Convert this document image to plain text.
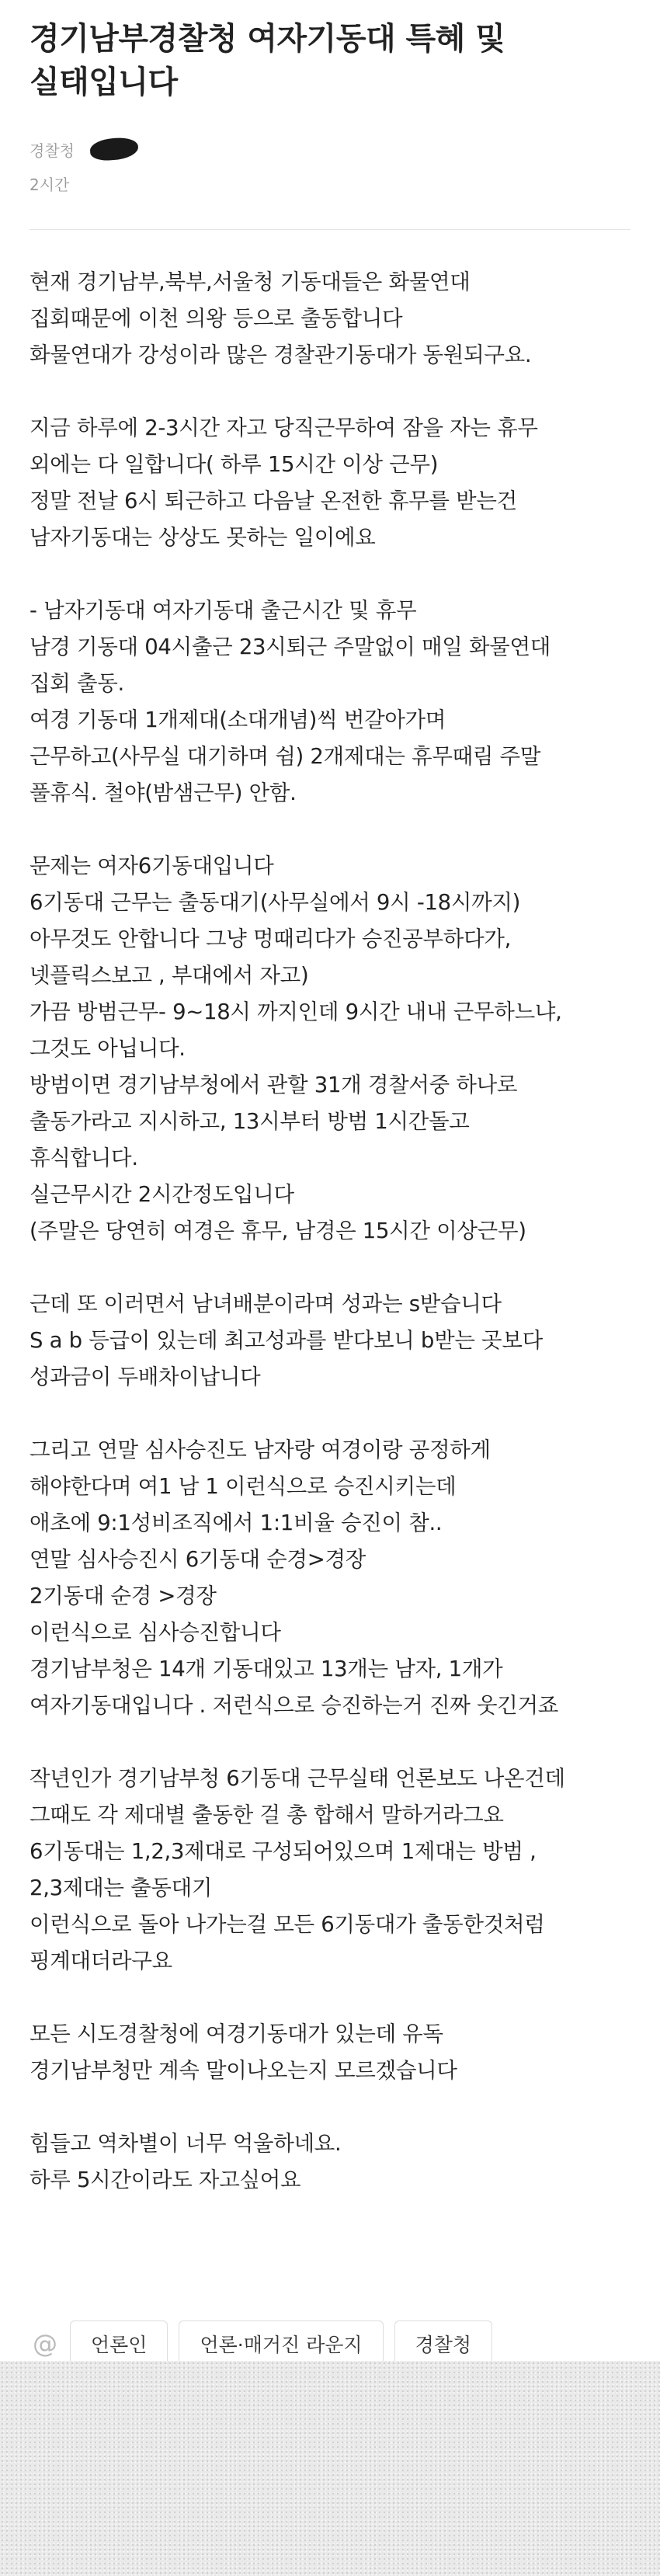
경기남부경찰청 여자기동대 특혜 및
실태입니다
경찰청
2시간

현재 경기남부,북부,서울청 기동대들은 화물연대

집회때문에 이천 의왕 등으로 출동합니다

화물연대가 강성이라 많은 경찰관기동대가 동원되구요.

지금 하루에 2-3시간 자고 당직근무하여 잠을 자는 휴무

외에는 다 일합니다( 하루 15시간 이상 근무)

정말 전날 6시 퇴근하고 다음날 온전한 휴무를 받는건

남자기동대는 상상도 못하는 일이에요

- 남자기동대 여자기동대 출근시간 및 휴무

남경 기동대 04시출근 23시퇴근 주말없이 매일 화물연대

집회 출동.

여경 기동대 1개제대(소대개념)씩 번갈아가며

근무하고(사무실 대기하며 쉼) 2개제대는 휴무때림 주말

풀휴식. 철야(밤샘근무) 안함.

문제는 여자6기동대입니다

6기동대 근무는 출동대기(사무실에서 9시 -18시까지)

아무것도 안합니다 그냥 멍때리다가 승진공부하다가,

넷플릭스보고 , 부대에서 자고)

가끔 방범근무- 9~18시 까지인데 9시간 내내 근무하느냐,

그것도 아닙니다.

방범이면 경기남부청에서 관할 31개 경찰서중 하나로

출동가라고 지시하고, 13시부터 방범 1시간돌고

휴식합니다.

실근무시간 2시간정도입니다

(주말은 당연히 여경은 휴무, 남경은 15시간 이상근무)

근데 또 이러면서 남녀배분이라며 성과는 s받습니다

S a b 등급이 있는데 최고성과를 받다보니 b받는 곳보다

성과금이 두배차이납니다

그리고 연말 심사승진도 남자랑 여경이랑 공정하게

해야한다며 여1 남 1 이런식으로 승진시키는데

애초에 9:1성비조직에서 1:1비율 승진이 참..

연말 심사승진시 6기동대 순경>경장

2기동대 순경 >경장

이런식으로 심사승진합니다

경기남부청은 14개 기동대있고 13개는 남자, 1개가

여자기동대입니다 . 저런식으로 승진하는거 진짜 웃긴거죠

작년인가 경기남부청 6기동대 근무실태 언론보도 나온건데

그때도 각 제대별 출동한 걸 총 합해서 말하거라그요

6기동대는 1,2,3제대로 구성되어있으며 1제대는 방범 ,

2,3제대는 출동대기

이런식으로 돌아 나가는걸 모든 6기동대가 출동한것처럼

핑계대더라구요

모든 시도경찰청에 여경기동대가 있는데 유독

경기남부청만 계속 말이나오는지 모르겠습니다

힘들고 역차별이 너무 억울하네요.

하루 5시간이라도 자고싶어요

@	언론인	언론·매거진 라운지	경찰청
